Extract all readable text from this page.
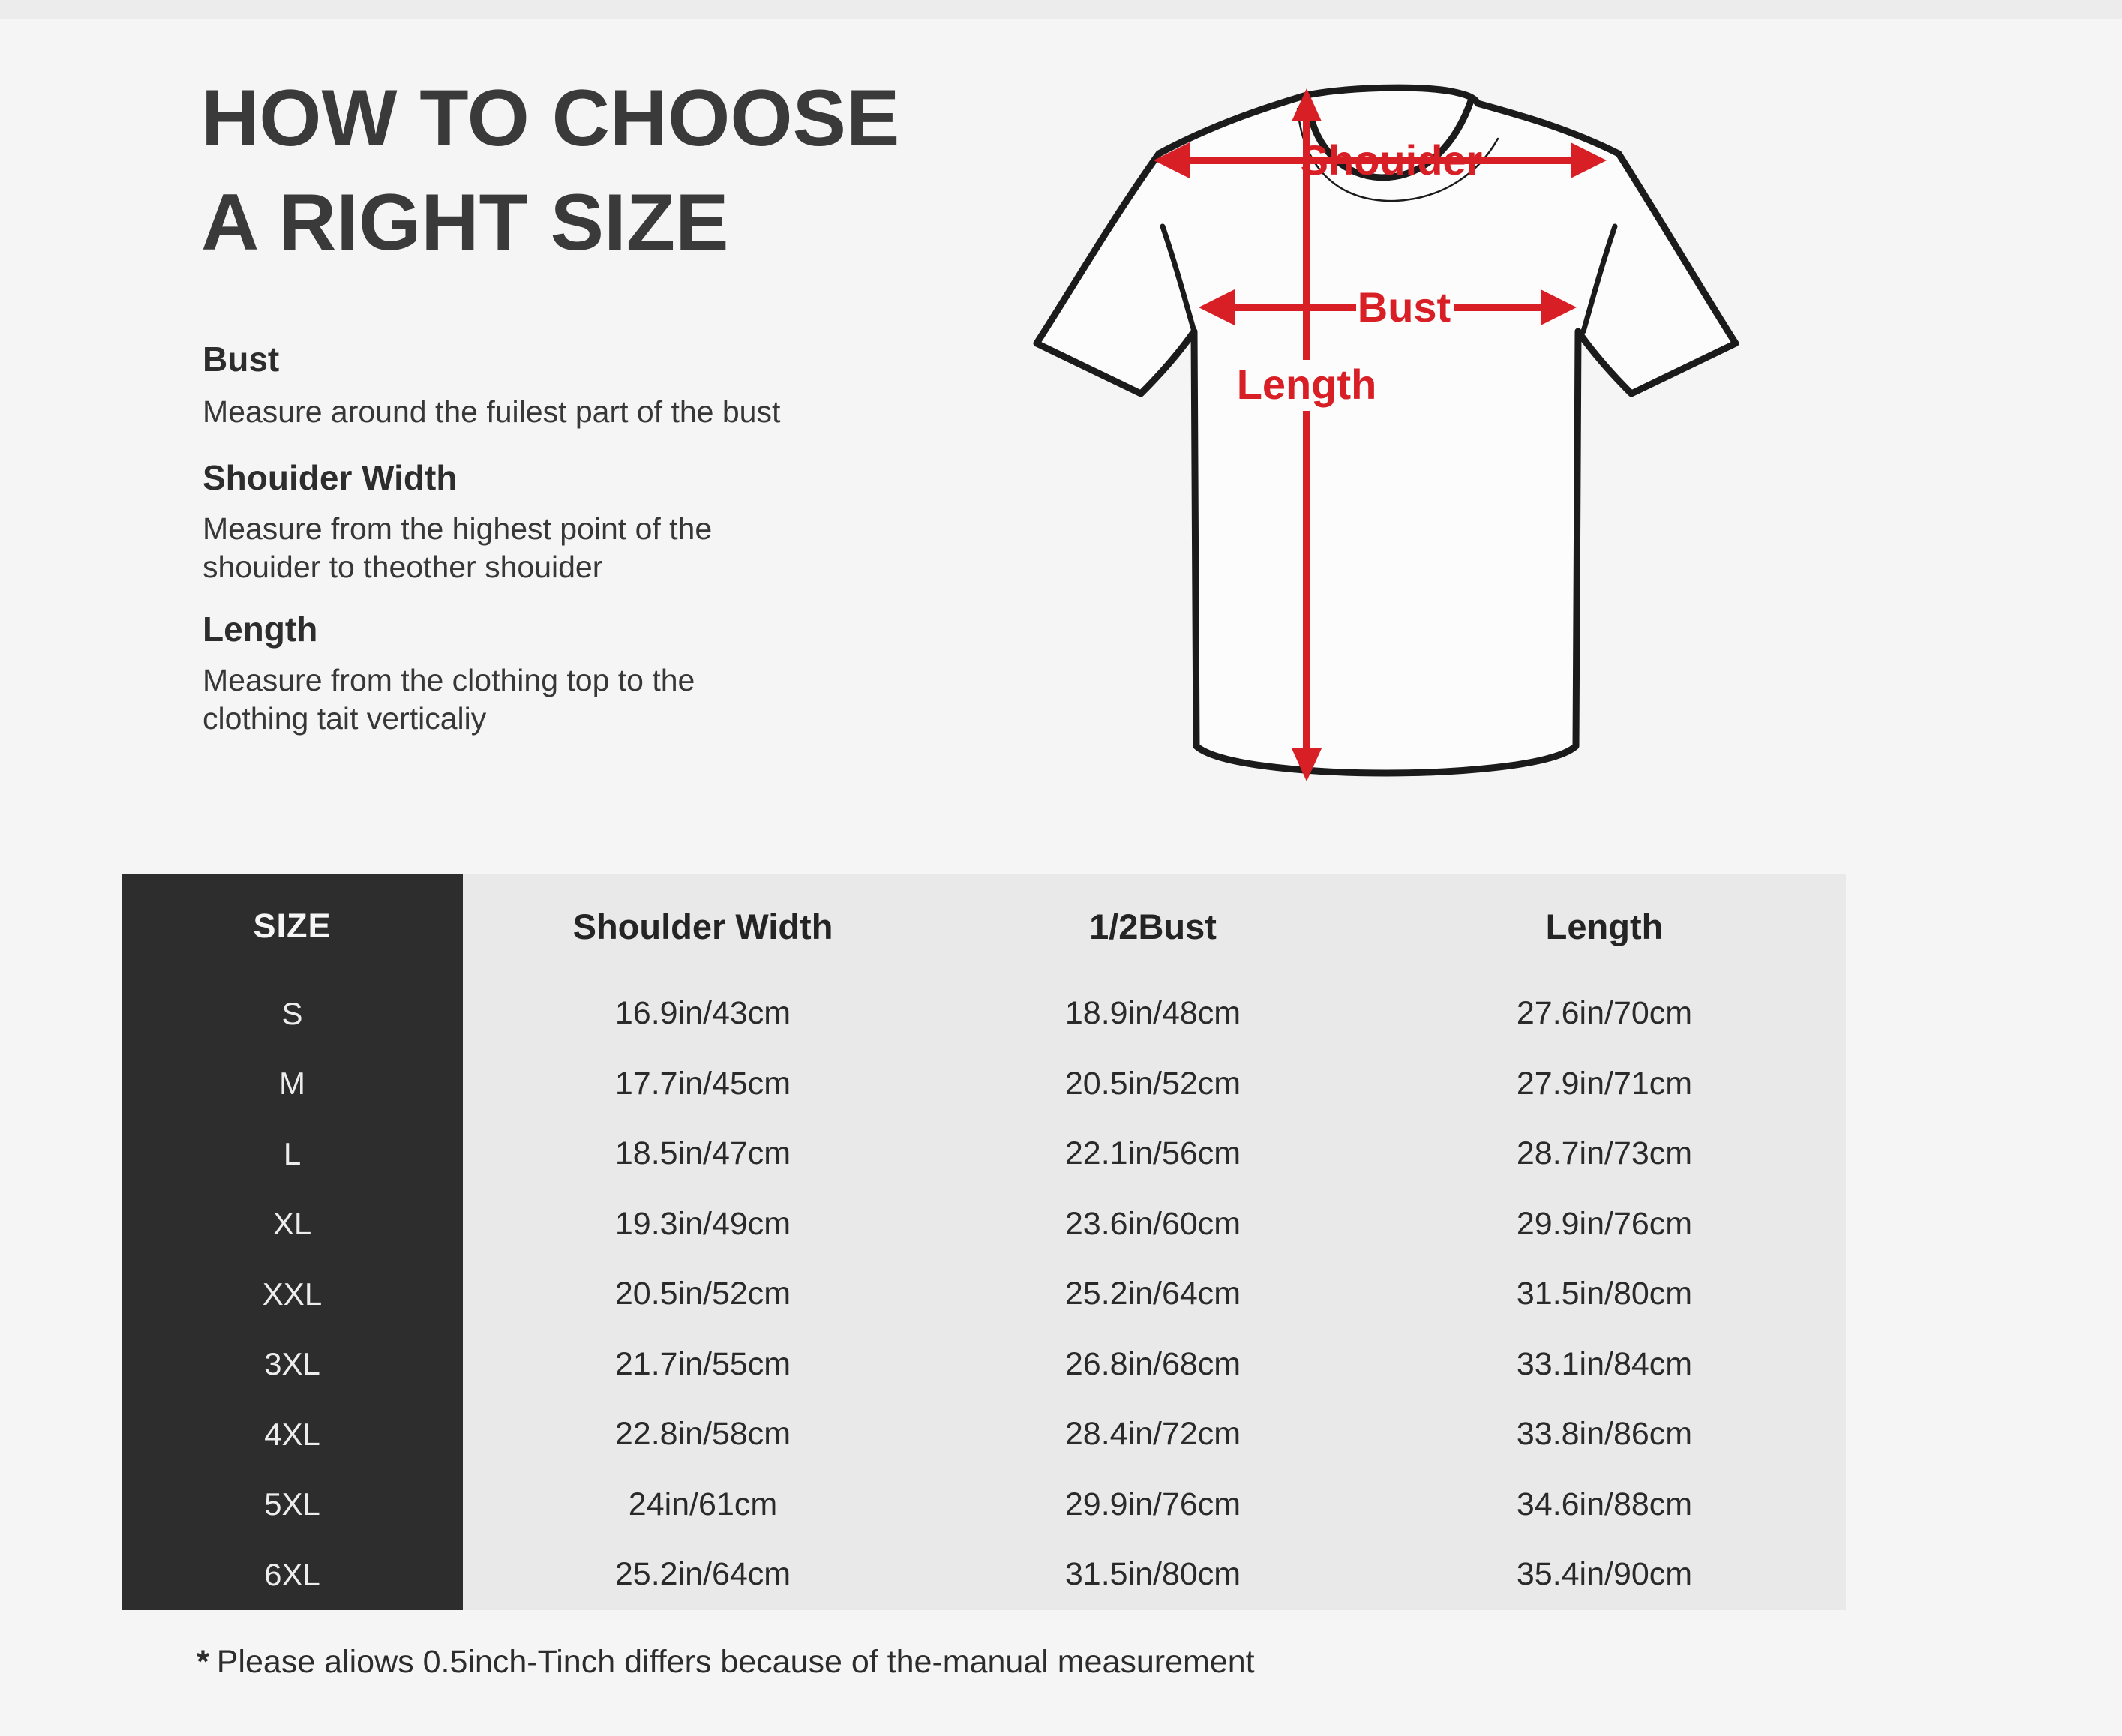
HOW TO CHOOSE
A RIGHT SIZE
Bust
Measure around the fuilest part of the bust
Shouider Width
Measure from the highest point of the
shouider to theother shouider
Length
Measure from the clothing top to the
clothing tait verticaliy
Shouider
Bust
Length
SIZE	Shoulder Width	1/2Bust	Length
S	16.9in/43cm	18.9in/48cm	27.6in/70cm
M	17.7in/45cm	20.5in/52cm	27.9in/71cm
L	18.5in/47cm	22.1in/56cm	28.7in/73cm
XL	19.3in/49cm	23.6in/60cm	29.9in/76cm
XXL	20.5in/52cm	25.2in/64cm	31.5in/80cm
3XL	21.7in/55cm	26.8in/68cm	33.1in/84cm
4XL	22.8in/58cm	28.4in/72cm	33.8in/86cm
5XL	24in/61cm	29.9in/76cm	34.6in/88cm
6XL	25.2in/64cm	31.5in/80cm	35.4in/90cm
* Please aliows 0.5inch-Tinch differs because of the-manual measurement
